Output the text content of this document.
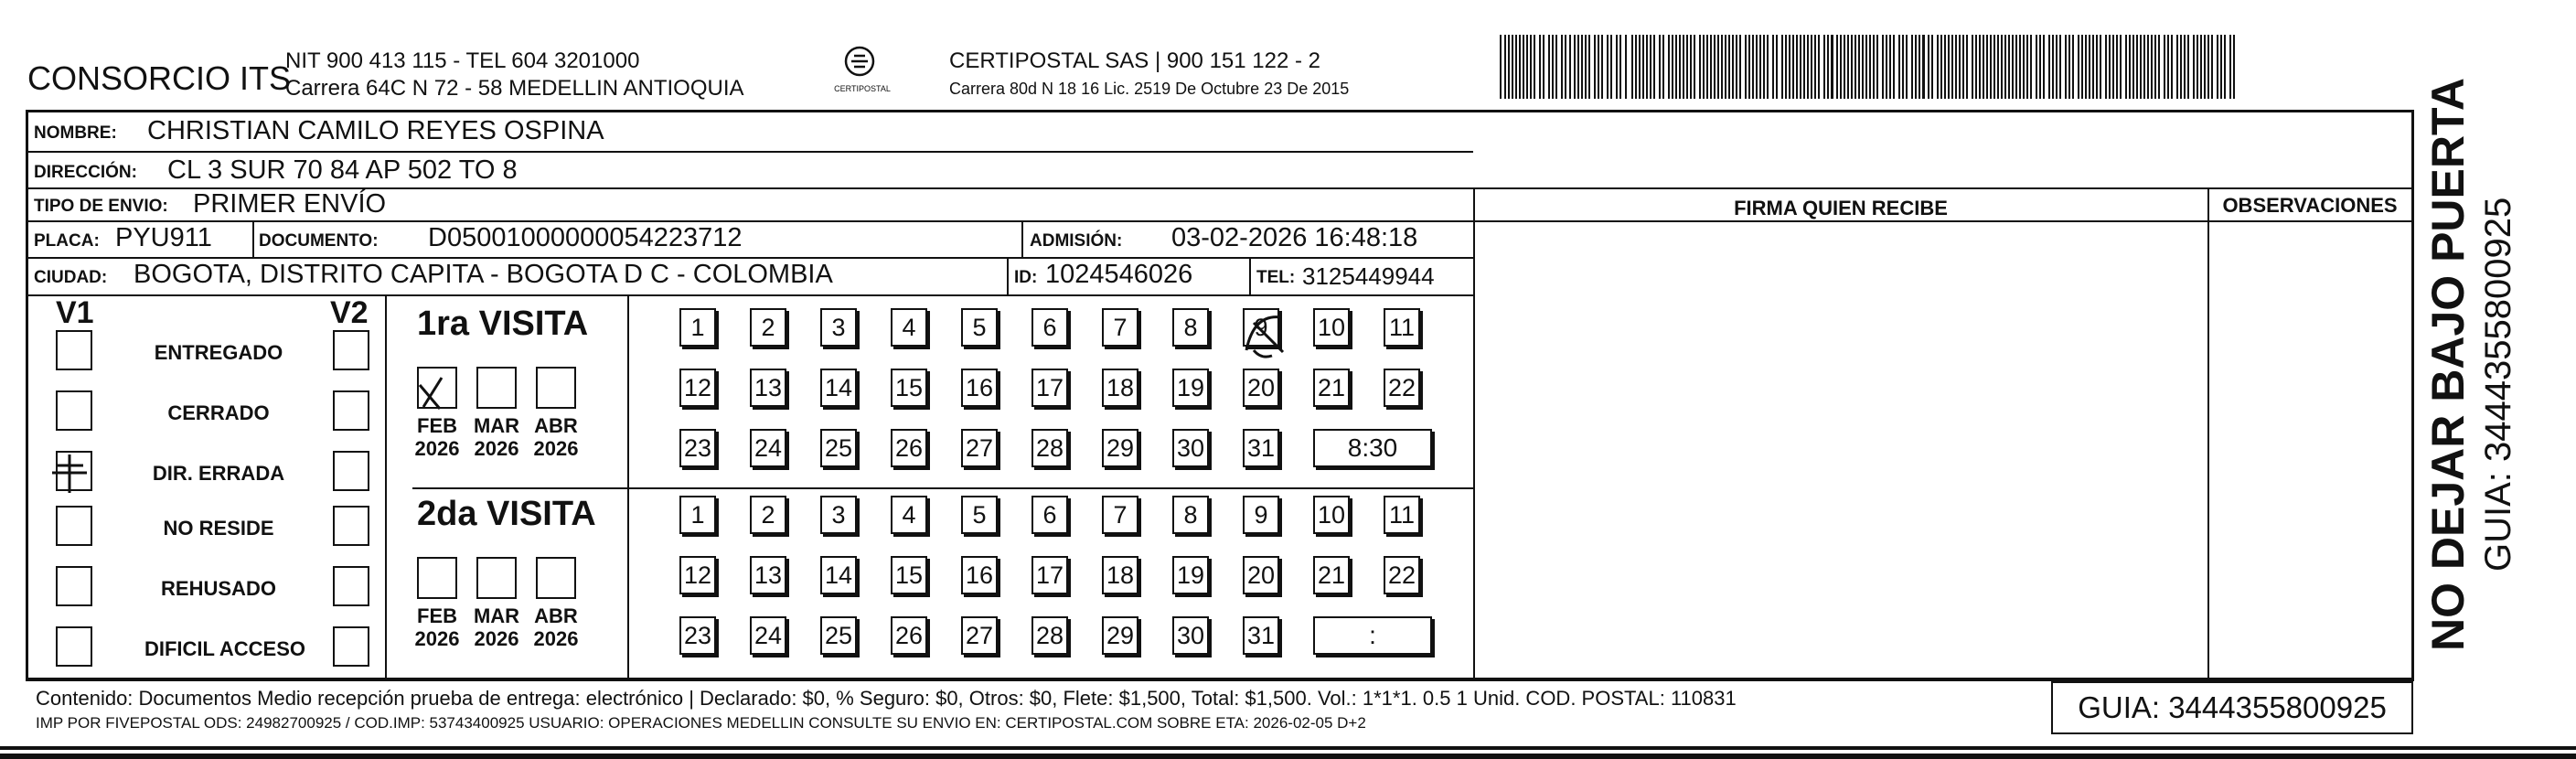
CONSORCIO ITS
NIT 900 413 115 - TEL 604 3201000
Carrera 64C N 72 - 58 MEDELLIN ANTIOQUIA	CERTIPOSTAL
CERTIPOSTAL SAS | 900 151 122 - 2
Carrera 80d N 18 16 Lic. 2519 De Octubre 23 De 2015
NOMBRE: CHRISTIAN CAMILO REYES OSPINA
DIRECCIÓN: CL 3 SUR 70 84 AP 502 TO 8
TIPO DE ENVIO: PRIMER ENVÍO	FIRMA QUIEN RECIBE	OBSERVACIONES
PLACA: PYU911	DOCUMENTO: D05001000000054223712	ADMISIÓN: 03-02-2026 16:48:18
CIUDAD: BOGOTA, DISTRITO CAPITA - BOGOTA D C - COLOMBIA	ID: 1024546026	TEL: 3125449944
V1	V2
ENTREGADO
CERRADO
DIR. ERRADA
NO RESIDE
REHUSADO
DIFICIL ACCESO
1ra VISITA
2da VISITA
FEB
2026
MAR
2026
ABR
2026
FEB
2026
MAR
2026
ABR
2026
1	2	3	4	5	6	7	8	9	10 11
12 13 14 15 16 17 18 19 20 21 22
23 24 25 26 27 28 29 30 31
1	2	3	4	5	6	7	8	9	10 11
12 13 14 15 16 17 18 19 20 21 22
23 24 25 26 27 28 29 30 31
8:30
:
Contenido: Documentos Medio recepción prueba de entrega: electrónico | Declarado: $0, % Seguro: $0, Otros: $0, Flete: $1,500, Total: $1,500. Vol.: 1*1*1. 0.5 1 Unid. COD. POSTAL: 110831
IMP POR FIVEPOSTAL ODS: 24982700925 / COD.IMP: 53743400925 USUARIO: OPERACIONES MEDELLIN CONSULTE SU ENVIO EN: CERTIPOSTAL.COM SOBRE ETA: 2026-02-05 D+2	GUIA: 3444355800925
NO DEJAR BAJO PUERTA GUIA: 3444355800925
